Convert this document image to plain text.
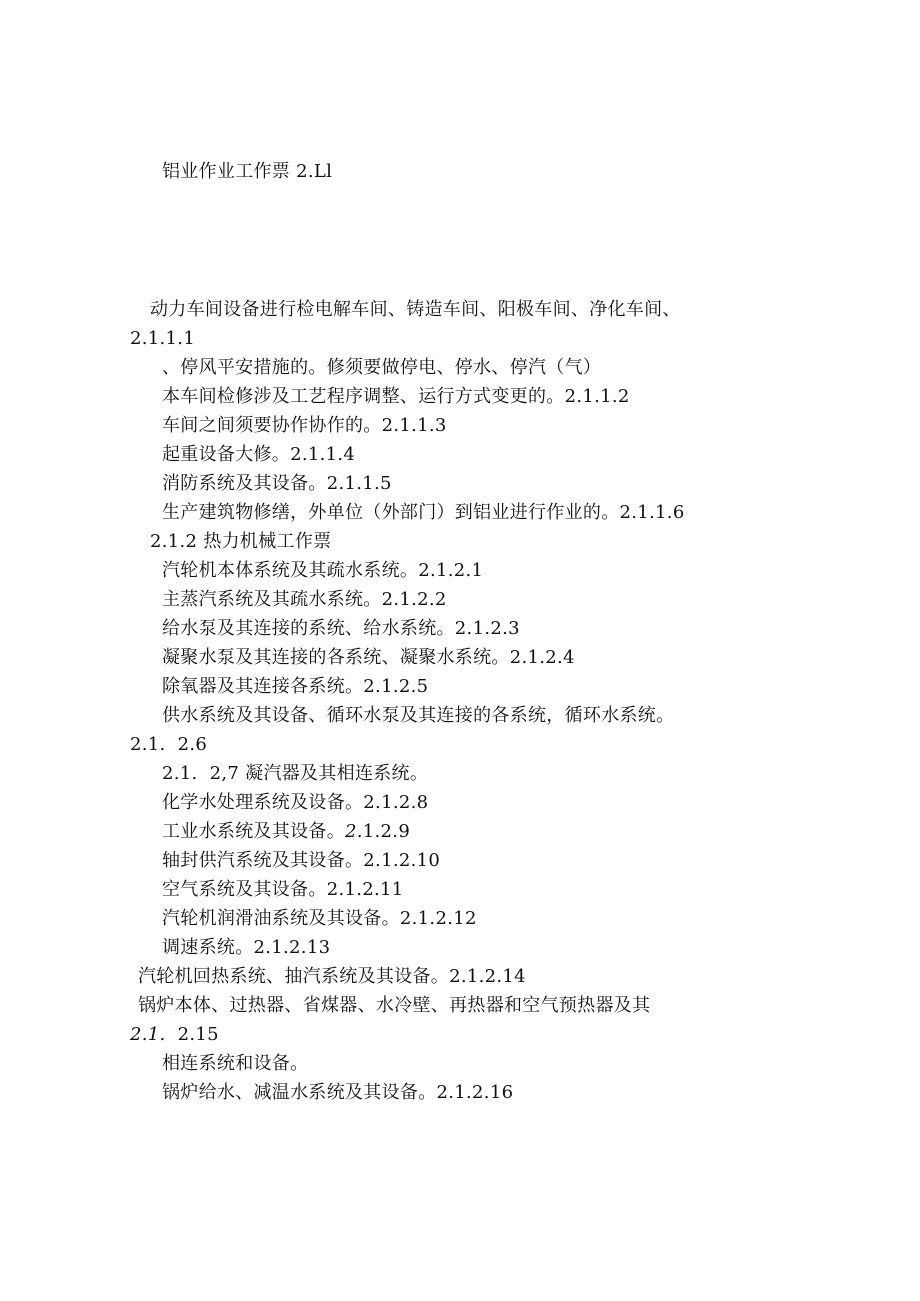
铝业作业工作票 2.Ll
动力车间设备进行检电解车间、铸造车间、阳极车间、净化车间、
2.1.1.1
、停风平安措施的。修须要做停电、停水、停汽（气）
本车间检修涉及工艺程序调整、运行方式变更的。2.1.1.2
车间之间须要协作协作的。2.1.1.3
起重设备大修。2.1.1.4
消防系统及其设备。2.1.1.5
生产建筑物修缮，外单位（外部门）到铝业进行作业的。2.1.1.6
2.1.2 热力机械工作票
汽轮机本体系统及其疏水系统。2.1.2.1
主蒸汽系统及其疏水系统。2.1.2.2
给水泵及其连接的系统、给水系统。2.1.2.3
凝聚水泵及其连接的各系统、凝聚水系统。2.1.2.4
除氧器及其连接各系统。2.1.2.5
供水系统及其设备、循环水泵及其连接的各系统，循环水系统。
2.1.  2.6
2.1.  2,7 凝汽器及其相连系统。
化学水处理系统及设备。2.1.2.8
工业水系统及其设备。2.1.2.9
轴封供汽系统及其设备。2.1.2.10
空气系统及其设备。2.1.2.11
汽轮机润滑油系统及其设备。2.1.2.12
调速系统。2.1.2.13
汽轮机回热系统、抽汽系统及其设备。2.1.2.14
锅炉本体、过热器、省煤器、水冷壁、再热器和空气预热器及其
2.1. 2.15
相连系统和设备。
锅炉给水、减温水系统及其设备。2.1.2.16
